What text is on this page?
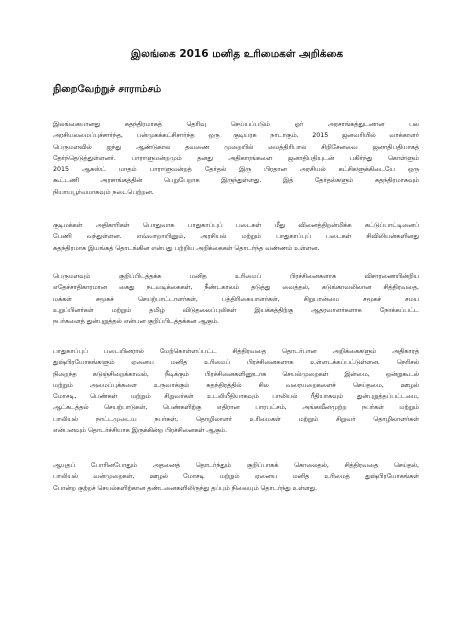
இலங்கை 2016 மனித உரிமைகள் அறிக்கை
நிறைவேற்றுச் சாராம்சம்
இலங்கையானது சுதந்திரமாகத் தெரிவு செய்யப்படும் ஓர் அரசாங்கத்துடனான பல
அரசியலமைப்புச்சார்ந்த, பன்முகக்கட்சிசார்ந்த ஒரு குடியரசு நாடாகும். 2015 ஜனவரியில் வாக்காளர்
பெருமளவில் ஐந்து ஆண்டுகால தவணை முறையில் மைத்திரிபால சிறிசேனவை ஜனாதிபதியாகத்
தேர்ந்தெடுத்துள்ளனர். பாராளுமன்றமும் தனது அதிகாரங்களை ஜனாதிபதியுடன் பகிர்ந்து கொள்ளும்
2015 ஆகஸ்ட் மாதம் பாராளுமன்றத் தேர்தல் இரு பிரதான அரசியல் கட்சிகளுக்கிடையே ஒரு
கூட்டணி அரசாங்கத்தின் பெறுபேறாக இருந்துள்ளது. இத் தேர்தல்களும் சுதந்திரமாகவும்
நியாயபூர்வமாகவும் நடைபெற்றன.
குடிமக்கள் அதிகாரிகள் பொதுவாக பாதுகாப்புப் படைகள் மீது வினைத்திறன்மிக்க கட்டுப்பாட்டினைப்
பேணி வந்துள்ளன. எவ்வாறாயினும், அரசியல் மற்றும் பாதுகாப்புப் படைகள் சிவிலியன்களினது
சுதந்திரமாக இயங்கத் தொடங்கின என்பது பற்றிய அறிக்கைகள் தொடர்ந்த வண்ணம் உள்ளன.
பெருமளவும் குறிப்பிடத்தக்க மனித உரிமைப் பிரச்சினைகளாக விசாரணையின்றிய
எதேச்சாதிகாரமான கைது நடவடிக்கைகள், நீண்டகாலம் தடுத்து வைத்தல், கடுங்காவலிலான சித்திரவதை,
மக்கள் சமூகச் செயற்பாட்டாளர்கள், பத்திரிகையாளர்கள், சிறுபான்மை சமூகச் சமய
உறுப்பினர்கள் மற்றும் தமிழ் விடுதலைப்புலிகள் இயக்கத்திற்கு ஆதரவாளர்களாக நோக்கப்பட்ட
நபர்களைத் துன்புறுத்தல் என்பன குறிப்பிடத்தக்கன ஆகும்.
பாதுகாப்புப் படையினரால் மேற்கொள்ளப்பட்ட சித்திரவதை தொடர்பான அறிக்கைகளும் அதிகாரத்
துஷ்பிரயோகங்களும் ஏனைய மனித உரிமைப் பிரச்சினைகளாக உள்ளடக்கப்பட்டுள்ளன. நெரிசல்
நிறைந்த கடுஞ்சிறைக்காவல், நீடிக்கும் பிரச்சினைகளினூடாக செயல்முறைகள் இன்மை, ஒன்றுகூடல்
மற்றும் அமைப்புக்களை உருவாக்கும் சுதந்திரத்தில் சில வரையறைகளைச் செய்தமை, ஊழல்
மோசடி, பெண்கள் மற்றும் சிறுவர்கள் உடலியீதியாகவும் பாலியல் ரீதியாகவும் துன்புறுத்தப்பட்டமை,
ஆட்கடத்தல் செயற்பாடுகள், பெண்களிற்கு எதிரான பாரபட்சம், அங்கவீனமுற்ற நபர்கள் மற்றும்
பாலியல் நாட்டமுடைய நபர்கள், தொழிலாளர் உரிமைகள் மற்றும் சிறுவர் தொழிலாளர்கள்
என்பனவும் தொடர்ச்சியாக இருக்கின்ற பிரச்சினைகள் ஆகும்.
ஆயுதப் போரினபோதும் அதனைத் தொடர்ந்தும் குறிப்பாகக் கொலைதல், சித்திரவதை செய்தல்,
பாலியல் வன்முறைகள், ஊழல் மோசடி மற்றும் ஏனைய மனித உரிமைத் துஷ்பிரயோகங்கள்
போன்ற குற்றச் செயல்களிற்கான தண்டனைகளிலிருந்து தப்பும் நிலையும் தொடர்ந்து உள்ளது.
